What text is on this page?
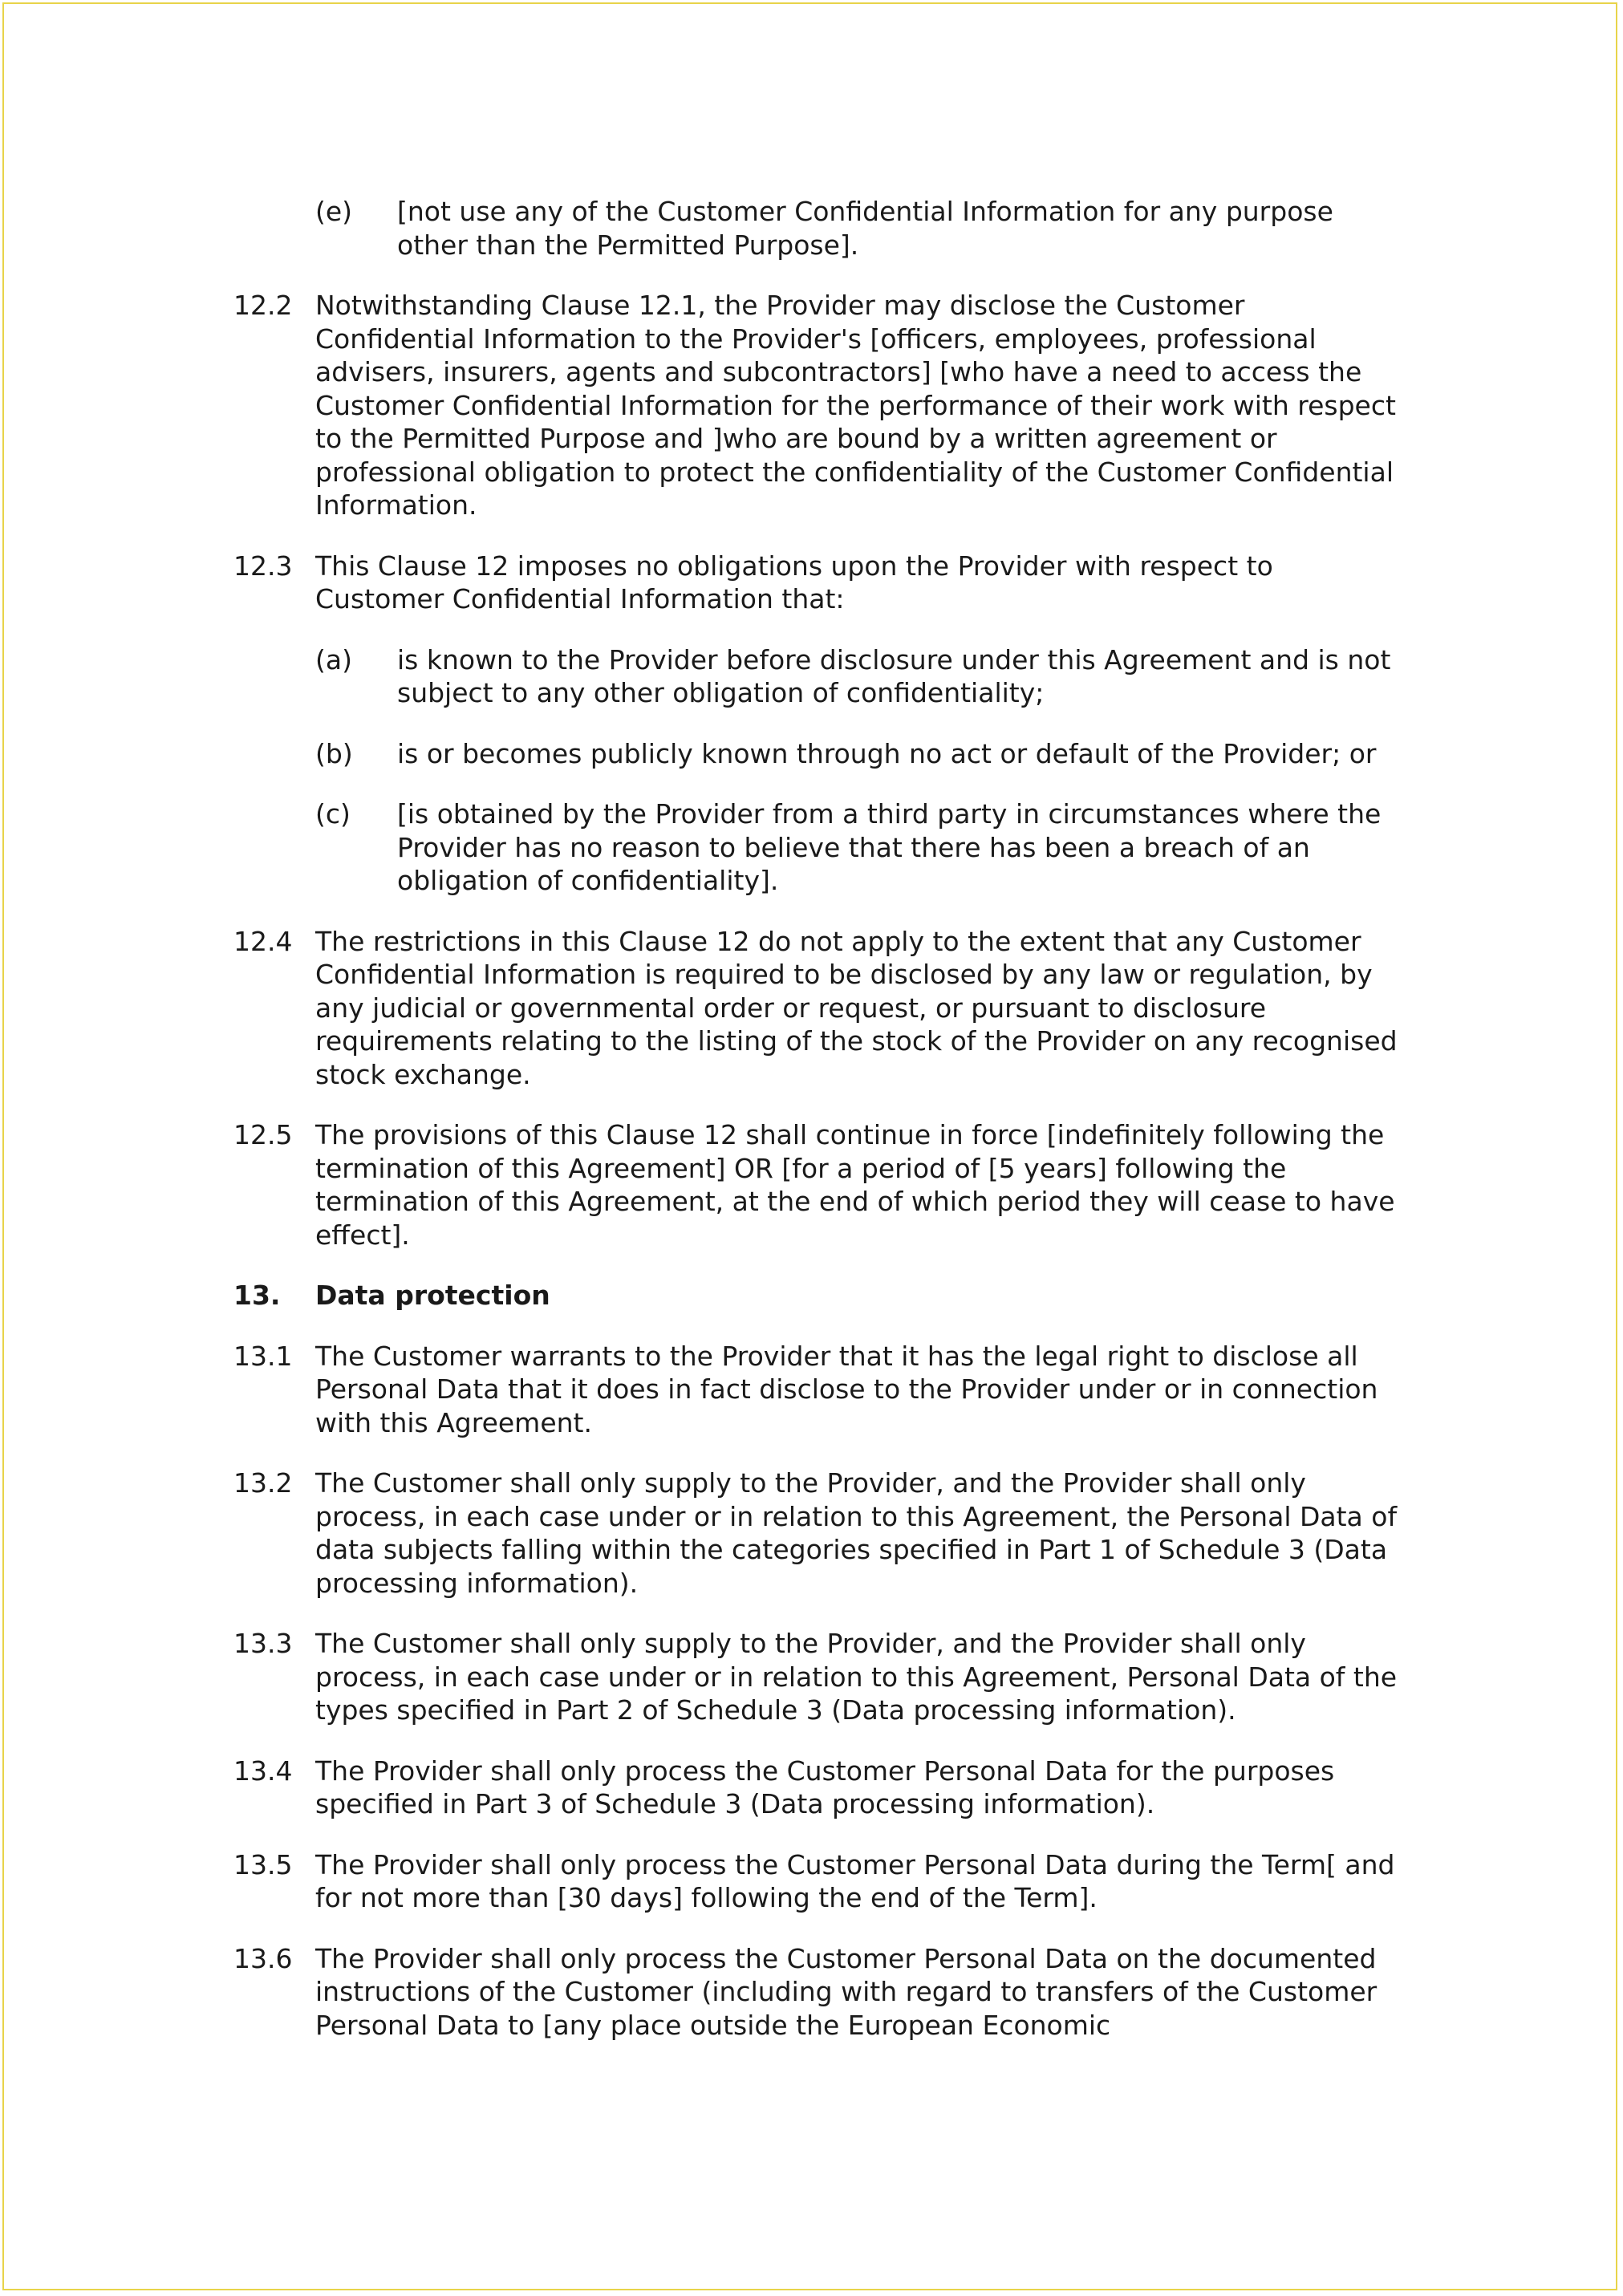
(e)	[not use any of the Customer Confidential Information for any purpose other than the Permitted Purpose].
12.2 Notwithstanding Clause 12.1, the Provider may disclose the Customer Confidential Information to the Provider's [officers, employees, professional advisers, insurers, agents and subcontractors] [who have a need to access the Customer Confidential Information for the performance of their work with respect to the Permitted Purpose and ]who are bound by a written agreement or professional obligation to protect the confidentiality of the Customer Confidential Information.
12.3 This Clause 12 imposes no obligations upon the Provider with respect to Customer Confidential Information that:
(a)	is known to the Provider before disclosure under this Agreement and is not subject to any other obligation of confidentiality;
(b)	is or becomes publicly known through no act or default of the Provider; or
(c)	[is obtained by the Provider from a third party in circumstances where the Provider has no reason to believe that there has been a breach of an obligation of confidentiality].
12.4 The restrictions in this Clause 12 do not apply to the extent that any Customer Confidential Information is required to be disclosed by any law or regulation, by any judicial or governmental order or request, or pursuant to disclosure requirements relating to the listing of the stock of the Provider on any recognised stock exchange.
12.5 The provisions of this Clause 12 shall continue in force [indefinitely following the termination of this Agreement] OR [for a period of [5 years] following the termination of this Agreement, at the end of which period they will cease to have effect].
13.	Data protection
13.1 The Customer warrants to the Provider that it has the legal right to disclose all Personal Data that it does in fact disclose to the Provider under or in connection with this Agreement.
13.2 The Customer shall only supply to the Provider, and the Provider shall only process, in each case under or in relation to this Agreement, the Personal Data of data subjects falling within the categories specified in Part 1 of Schedule 3 (Data processing information).
13.3 The Customer shall only supply to the Provider, and the Provider shall only process, in each case under or in relation to this Agreement, Personal Data of the types specified in Part 2 of Schedule 3 (Data processing information).
13.4 The Provider shall only process the Customer Personal Data for the purposes specified in Part 3 of Schedule 3 (Data processing information).
13.5 The Provider shall only process the Customer Personal Data during the Term[ and for not more than [30 days] following the end of the Term].
13.6 The Provider shall only process the Customer Personal Data on the documented instructions of the Customer (including with regard to transfers of the Customer Personal Data to [any place outside the European Economic
